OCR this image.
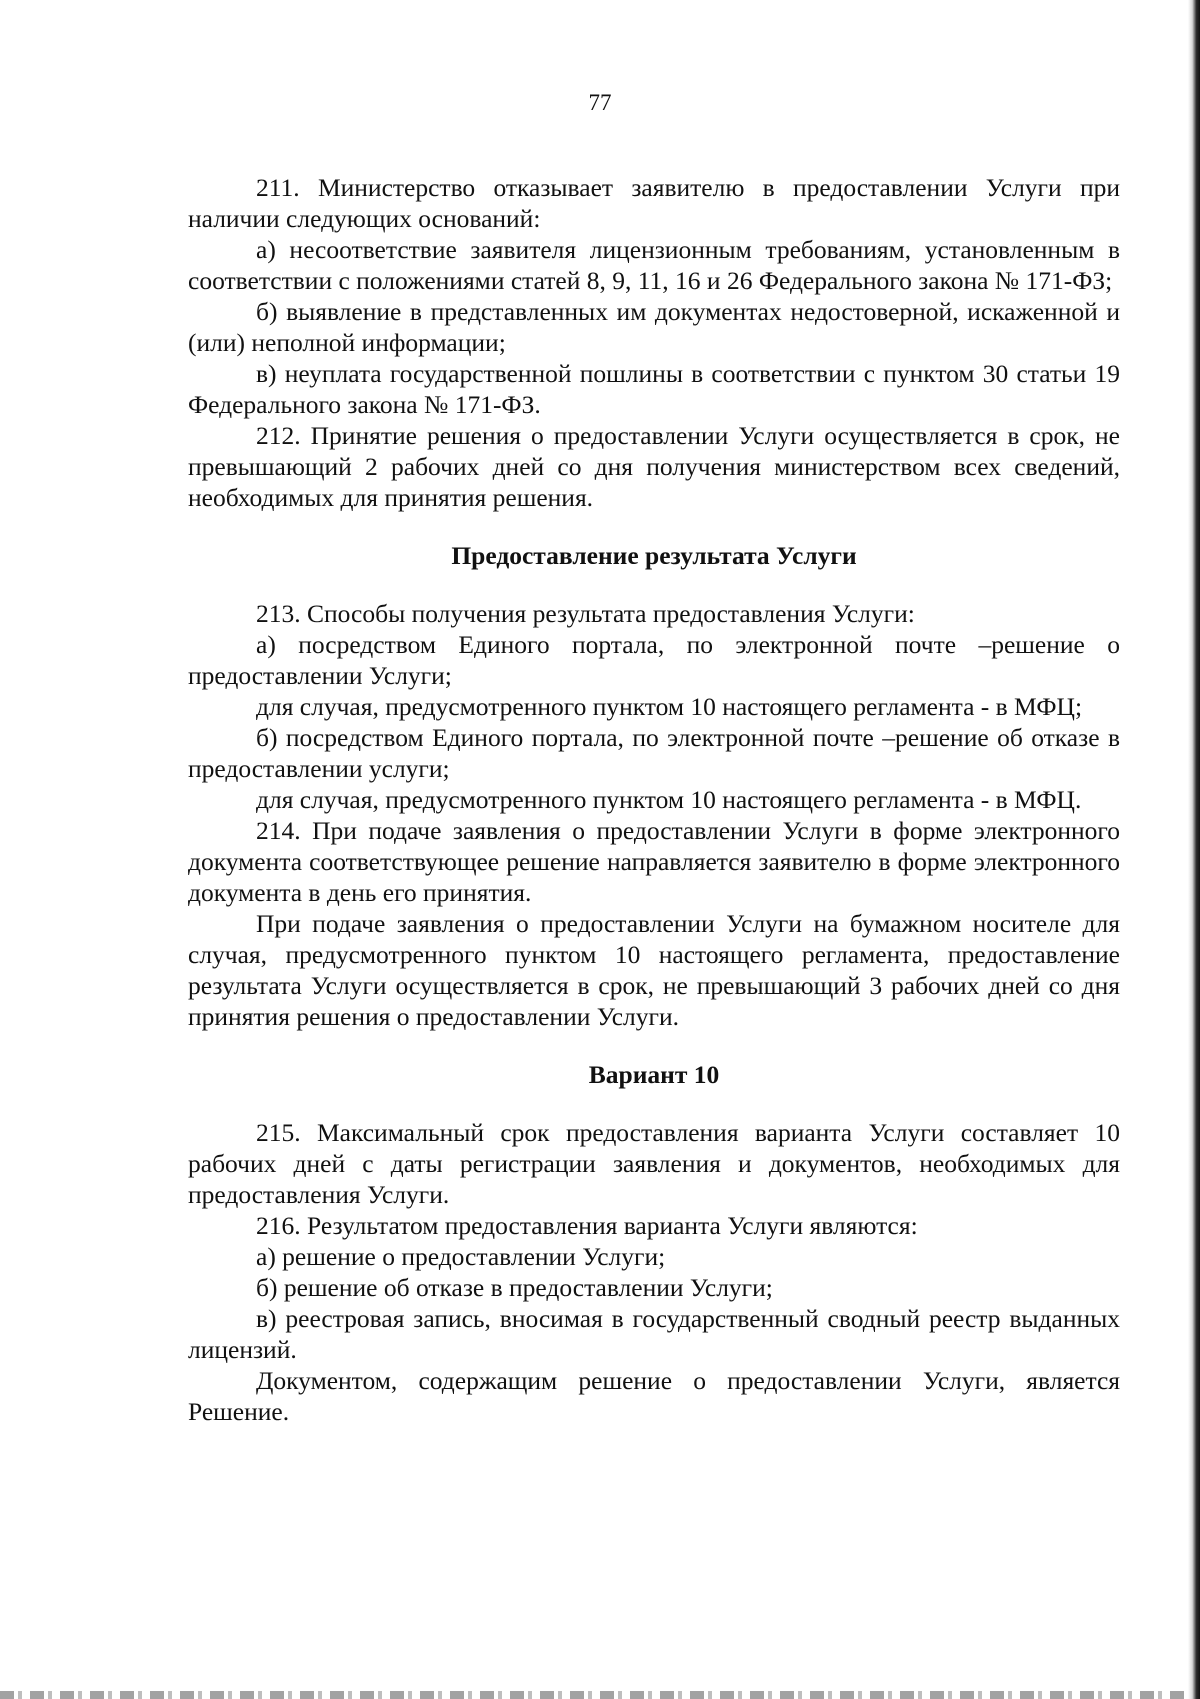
77

211. Министерство отказывает заявителю в предоставлении Услуги при наличии следующих оснований:

а) несоответствие заявителя лицензионным требованиям, установленным в соответствии с положениями статей 8, 9, 11, 16 и 26 Федерального закона № 171-ФЗ;

б) выявление в представленных им документах недостоверной, искаженной и (или) неполной информации;

в) неуплата государственной пошлины в соответствии с пунктом 30 статьи 19 Федерального закона № 171-ФЗ.

212. Принятие решения о предоставлении Услуги осуществляется в срок, не превышающий 2 рабочих дней со дня получения министерством всех сведений, необходимых для принятия решения.

Предоставление результата Услуги

213. Способы получения результата предоставления Услуги:

а) посредством Единого портала, по электронной почте –решение о предоставлении Услуги;

для случая, предусмотренного пунктом 10 настоящего регламента - в МФЦ;

б) посредством Единого портала, по электронной почте –решение об отказе в предоставлении услуги;

для случая, предусмотренного пунктом 10 настоящего регламента - в МФЦ.

214. При подаче заявления о предоставлении Услуги в форме электронного документа соответствующее решение направляется заявителю в форме электронного документа в день его принятия.

При подаче заявления о предоставлении Услуги на бумажном носителе для случая, предусмотренного пунктом 10 настоящего регламента, предоставление результата Услуги осуществляется в срок, не превышающий 3 рабочих дней со дня принятия решения о предоставлении Услуги.

Вариант 10

215. Максимальный срок предоставления варианта Услуги составляет 10 рабочих дней с даты регистрации заявления и документов, необходимых для предоставления Услуги.

216. Результатом предоставления варианта Услуги являются:

а) решение о предоставлении Услуги;

б) решение об отказе в предоставлении Услуги;

в) реестровая запись, вносимая в государственный сводный реестр выданных лицензий.

Документом, содержащим решение о предоставлении Услуги, является Решение.
